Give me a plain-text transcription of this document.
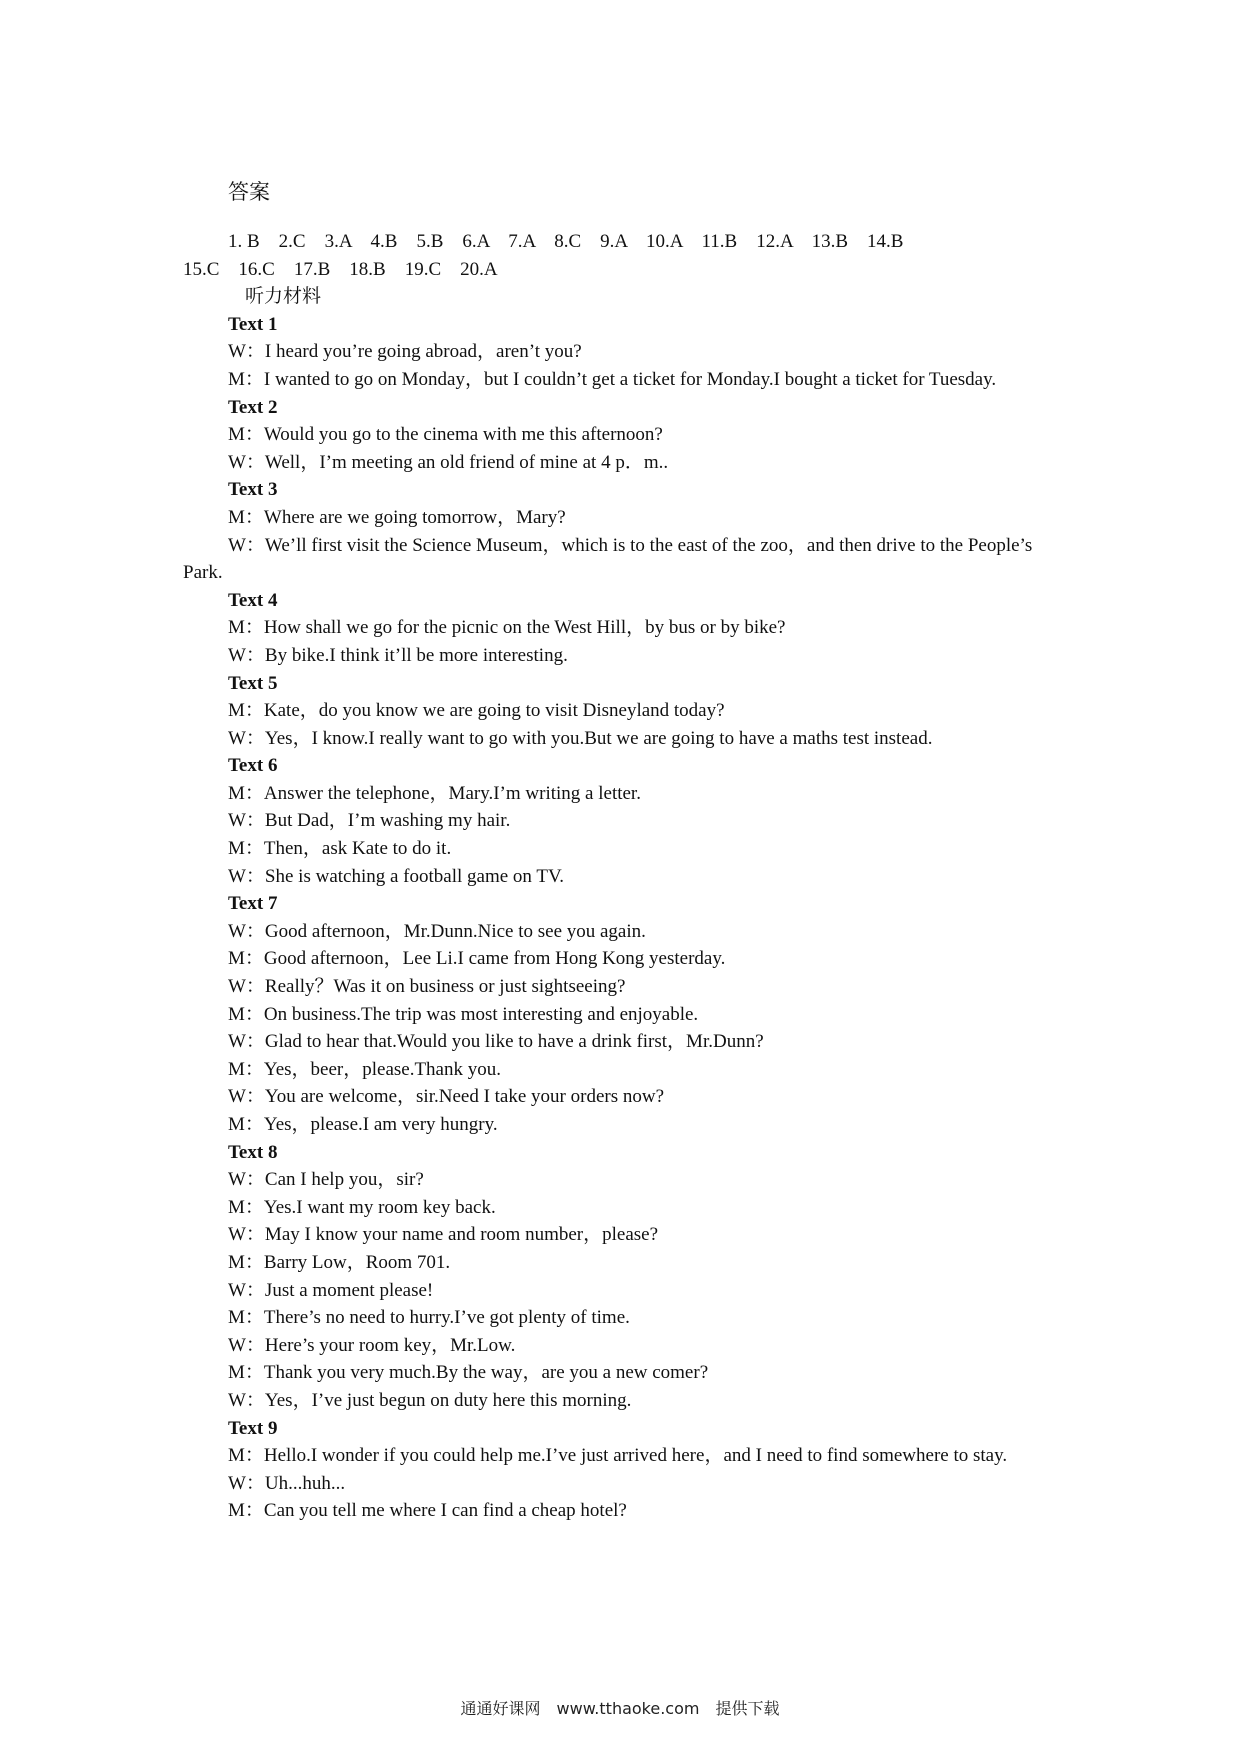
答案

1. B　2.C　3.A　4.B　5.B　6.A　7.A　8.C　9.A　10.A　11.B　12.A　13.B　14.B

15.C　16.C　17.B　18.B　19.C　20.A

听力材料

Text 1

W：I heard you’re going abroad，aren’t you?

M：I wanted to go on Monday，but I couldn’t get a ticket for Monday.I bought a ticket for Tuesday.

Text 2

M：Would you go to the cinema with me this afternoon?

W：Well，I’m meeting an old friend of mine at 4 p．m..

Text 3

M：Where are we going tomorrow，Mary?

W：We’ll first visit the Science Museum，which is to the east of the zoo，and then drive to the People’s Park.

Text 4

M：How shall we go for the picnic on the West Hill，by bus or by bike?

W：By bike.I think it’ll be more interesting.

Text 5

M：Kate，do you know we are going to visit Disneyland today?

W：Yes，I know.I really want to go with you.But we are going to have a maths test instead.

Text 6

M：Answer the telephone，Mary.I’m writing a letter.

W：But Dad，I’m washing my hair.

M：Then，ask Kate to do it.

W：She is watching a football game on TV.

Text 7

W：Good afternoon，Mr.Dunn.Nice to see you again.

M：Good afternoon，Lee Li.I came from Hong Kong yesterday.

W：Really？Was it on business or just sightseeing?

M：On business.The trip was most interesting and enjoyable.

W：Glad to hear that.Would you like to have a drink first，Mr.Dunn?

M：Yes，beer，please.Thank you.

W：You are welcome，sir.Need I take your orders now?

M：Yes，please.I am very hungry.

Text 8

W：Can I help you，sir?

M：Yes.I want my room key back.

W：May I know your name and room number，please?

M：Barry Low，Room 701.

W：Just a moment please!

M：There’s no need to hurry.I’ve got plenty of time.

W：Here’s your room key，Mr.Low.

M：Thank you very much.By the way，are you a new comer?

W：Yes，I’ve just begun on duty here this morning.

Text 9

M：Hello.I wonder if you could help me.I’ve just arrived here，and I need to find somewhere to stay.

W：Uh...huh...

M：Can you tell me where I can find a cheap hotel?

通通好课网　www.tthaoke.com　提供下载
